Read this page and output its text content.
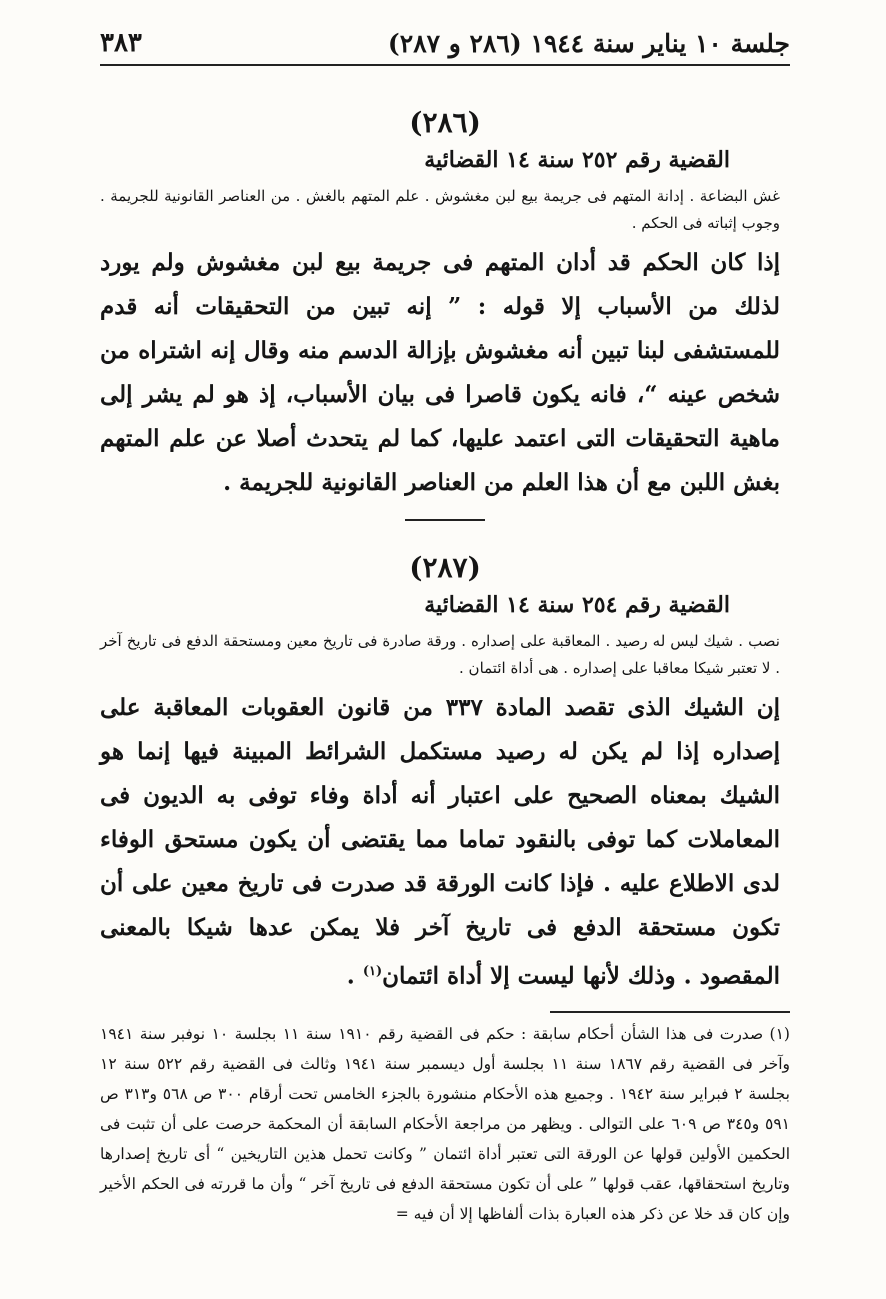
جلسة ١٠ يناير سنة ١٩٤٤ (٢٨٦ و ٢٨٧)
٣٨٣
(٢٨٦)
القضية رقم ٢٥٢ سنة ١٤ القضائية
غش البضاعة . إدانة المتهم فى جريمة بيع لبن مغشوش . علم المتهم بالغش . من العناصر القانونية للجريمة . وجوب إثباته فى الحكم .
إذا كان الحكم قد أدان المتهم فى جريمة بيع لبن مغشوش ولم يورد لذلك من الأسباب إلا قوله : ” إنه تبين من التحقيقات أنه قدم للمستشفى لبنا تبين أنه مغشوش بإزالة الدسم منه وقال إنه اشتراه من شخص عينه “، فانه يكون قاصرا فى بيان الأسباب، إذ هو لم يشر إلى ماهية التحقيقات التى اعتمد عليها، كما لم يتحدث أصلا عن علم المتهم بغش اللبن مع أن هذا العلم من العناصر القانونية للجريمة .
(٢٨٧)
القضية رقم ٢٥٤ سنة ١٤ القضائية
نصب . شيك ليس له رصيد . المعاقبة على إصداره . ورقة صادرة فى تاريخ معين ومستحقة الدفع فى تاريخ آخر . لا تعتبر شيكا معاقبا على إصداره . هى أداة ائتمان .
إن الشيك الذى تقصد المادة ٣٣٧ من قانون العقوبات المعاقبة على إصداره إذا لم يكن له رصيد مستكمل الشرائط المبينة فيها إنما هو الشيك بمعناه الصحيح على اعتبار أنه أداة وفاء توفى به الديون فى المعاملات كما توفى بالنقود تماما مما يقتضى أن يكون مستحق الوفاء لدى الاطلاع عليه . فإذا كانت الورقة قد صدرت فى تاريخ معين على أن تكون مستحقة الدفع فى تاريخ آخر فلا يمكن عدها شيكا بالمعنى المقصود . وذلك لأنها ليست إلا أداة ائتمان$^{(١)}$ .
(١) صدرت فى هذا الشأن أحكام سابقة : حكم فى القضية رقم ١٩١٠ سنة ١١ بجلسة ١٠ نوفبر سنة ١٩٤١ وآخر فى القضية رقم ١٨٦٧ سنة ١١ بجلسة أول ديسمبر سنة ١٩٤١ وثالث فى القضية رقم ٥٢٢ سنة ١٢ بجلسة ٢ فبراير سنة ١٩٤٢ . وجميع هذه الأحكام منشورة بالجزء الخامس تحت أرقام ٣٠٠ ص ٥٦٨ و٣١٣ ص ٥٩١ و٣٤٥ ص ٦٠٩ على التوالى . ويظهر من مراجعة الأحكام السابقة أن المحكمة حرصت على أن تثبت فى الحكمين الأولين قولها عن الورقة التى تعتبر أداة ائتمان ” وكانت تحمل هذين التاريخين “ أى تاريخ إصدارها وتاريخ استحقاقها، عقب قولها ” على أن تكون مستحقة الدفع فى تاريخ آخر “ وأن ما قررته فى الحكم الأخير وإن كان قد خلا عن ذكر هذه العبارة بذات ألفاظها إلا أن فيه =
